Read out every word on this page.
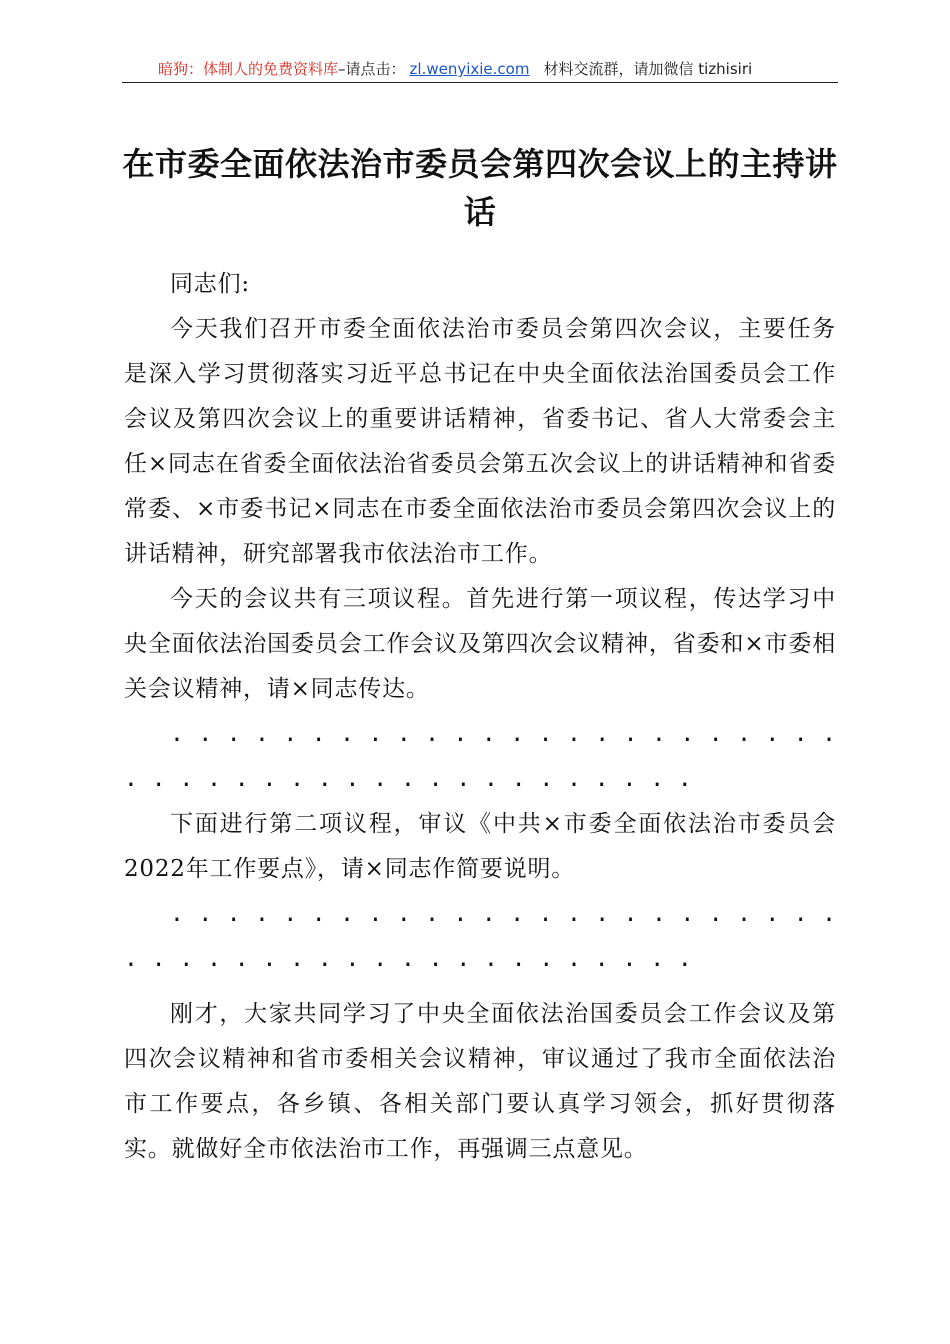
暗狗：体制人的免费资料库–请点击： zl.wenyixie.com 材料交流群，请加微信 tizhisiri
在市委全面依法治市委员会第四次会议上的主持讲话

同志们:

今天我们召开市委全面依法治市委员会第四次会议，主要任务是深入学习贯彻落实习近平总书记在中央全面依法治国委员会工作会议及第四次会议上的重要讲话精神，省委书记、省人大常委会主任×同志在省委全面依法治省委员会第五次会议上的讲话精神和省委常委、×市委书记×同志在市委全面依法治市委员会第四次会议上的讲话精神，研究部署我市依法治市工作。

今天的会议共有三项议程。首先进行第一项议程，传达学习中央全面依法治国委员会工作会议及第四次会议精神，省委和×市委相关会议精神，请×同志传达。

. . . . . . . . . . . . . . . . . . . . . . . . . . . . . . . . . . . . . . . . . . . . .

下面进行第二项议程，审议《中共×市委全面依法治市委员会2022年工作要点》，请×同志作简要说明。

. . . . . . . . . . . . . . . . . . . . . . . . . . . . . . . . . . . . . . . . . . . . .

刚才，大家共同学习了中央全面依法治国委员会工作会议及第四次会议精神和省市委相关会议精神，审议通过了我市全面依法治市工作要点，各乡镇、各相关部门要认真学习领会，抓好贯彻落实。就做好全市依法治市工作，再强调三点意见。
